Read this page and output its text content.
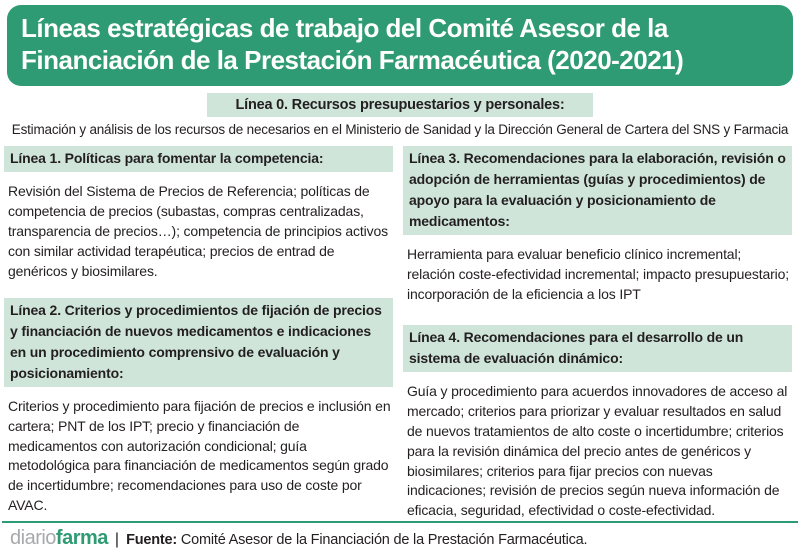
Líneas estratégicas de trabajo del Comité Asesor de la
Financiación de la Prestación Farmacéutica (2020-2021)
Línea 0. Recursos presupuestarios y personales:

Estimación y análisis de los recursos de necesarios en el Ministerio de Sanidad y la Dirección General de Cartera del SNS y Farmacia

Línea 1. Políticas para fomentar la competencia:

Revisión del Sistema de Precios de Referencia; políticas de competencia de precios (subastas, compras centralizadas, transparencia de precios…); competencia de principios activos con similar actividad terapéutica; precios de entrad de genéricos y biosimilares.

Línea 2. Criterios y procedimientos de fijación de precios y financiación de nuevos medicamentos e indicaciones en un procedimiento comprensivo de evaluación y posicionamiento:

Criterios y procedimiento para fijación de precios e inclusión en cartera; PNT de los IPT; precio y financiación de medicamentos con autorización condicional; guía metodológica para financiación de medicamentos según grado de incertidumbre; recomendaciones para uso de coste por AVAC.

Línea 3. Recomendaciones para la elaboración, revisión o adopción de herramientas (guías y procedimientos) de apoyo para la evaluación y posicionamiento de medicamentos:

Herramienta para evaluar beneficio clínico incremental; relación coste-efectividad incremental; impacto presupuestario; incorporación de la eficiencia a los IPT

Línea 4. Recomendaciones para el desarrollo de un sistema de evaluación dinámico:

Guía y procedimiento para acuerdos innovadores de acceso al mercado; criterios para priorizar y evaluar resultados en salud de nuevos tratamientos de alto coste o incertidumbre; criterios para la revisión dinámica del precio antes de genéricos y biosimilares; criterios para fijar precios con nuevas indicaciones; revisión de precios según nueva información de eficacia, seguridad, efectividad o coste-efectividad.

diariofarma | Fuente: Comité Asesor de la Financiación de la Prestación Farmacéutica.
